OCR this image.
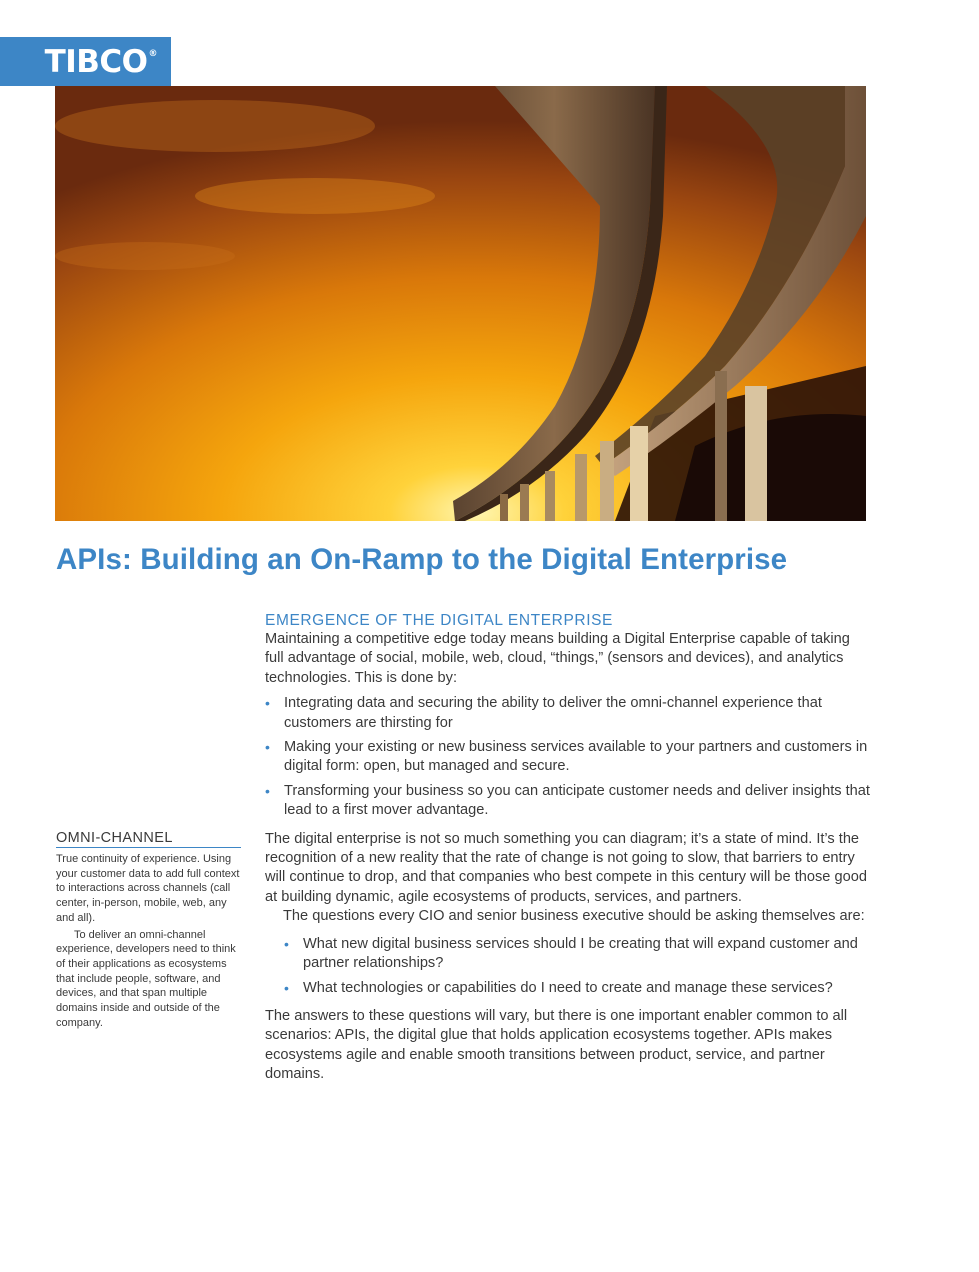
TIBCO®
APIs: Building an On-Ramp to the Digital Enterprise
OMNI-CHANNEL

True continuity of experience. Using your customer data to add full context to interactions across channels (call center, in-person, mobile, web, any and all).

To deliver an omni-channel experience, developers need to think of their applications as ecosystems that include people, software, and devices, and that span multiple domains inside and outside of the company.

EMERGENCE OF THE DIGITAL ENTERPRISE

Maintaining a competitive edge today means building a Digital Enterprise capable of taking full advantage of social, mobile, web, cloud, “things,” (sensors and devices), and analytics technologies. This is done by:

• Integrating data and securing the ability to deliver the omni-channel experience that customers are thirsting for
• Making your existing or new business services available to your partners and customers in digital form: open, but managed and secure.
• Transforming your business so you can anticipate customer needs and deliver insights that lead to a first mover advantage.

The digital enterprise is not so much something you can diagram; it’s a state of mind. It’s the recognition of a new reality that the rate of change is not going to slow, that barriers to entry will continue to drop, and that companies who best compete in this century will be those good at building dynamic, agile ecosystems of products, services, and partners.

The questions every CIO and senior business executive should be asking themselves are:

• What new digital business services should I be creating that will expand customer and partner relationships?
• What technologies or capabilities do I need to create and manage these services?

The answers to these questions will vary, but there is one important enabler common to all scenarios: APIs, the digital glue that holds application ecosystems together. APIs makes ecosystems agile and enable smooth transitions between product, service, and partner domains.
